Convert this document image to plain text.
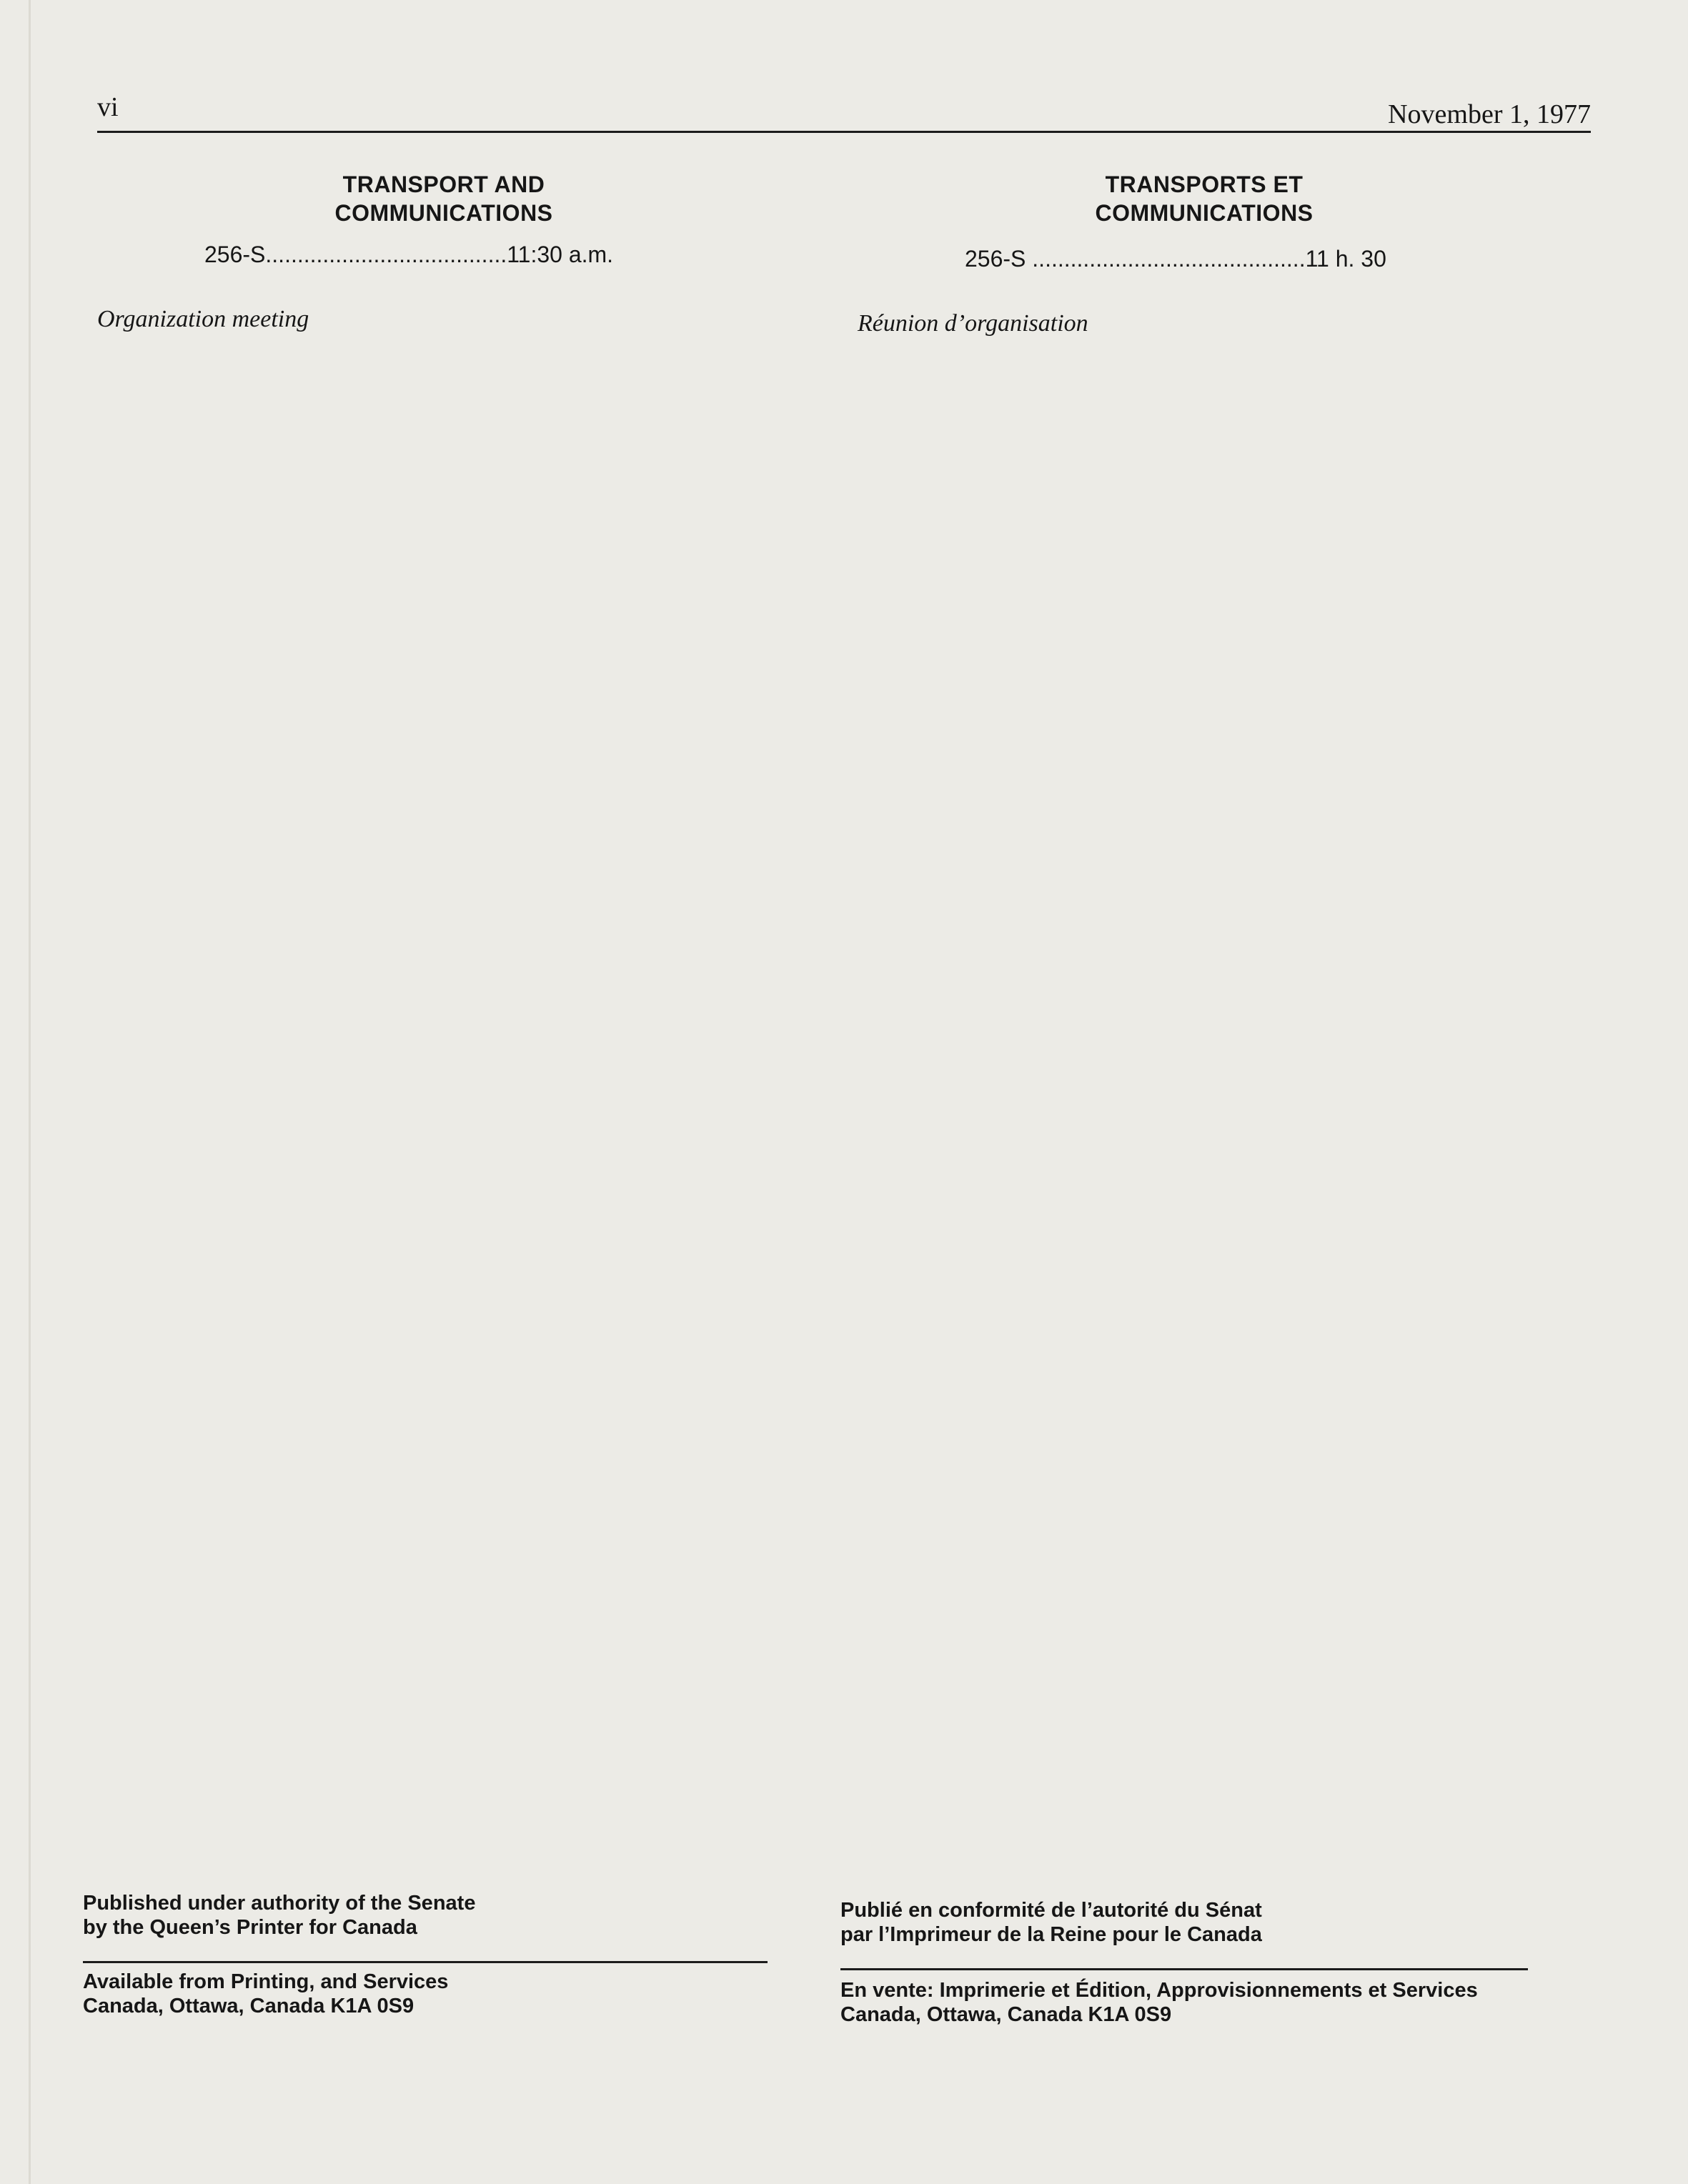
vi	November 1, 1977
TRANSPORT AND
COMMUNICATIONS
256-S......................................11:30 a.m.
Organization meeting
TRANSPORTS ET
COMMUNICATIONS
256-S ...........................................11 h. 30
Réunion d’organisation
Published under authority of the Senate
by the Queen’s Printer for Canada
Available from Printing, and Services
Canada, Ottawa, Canada K1A 0S9
Publié en conformité de l’autorité du Sénat
par l’Imprimeur de la Reine pour le Canada
En vente: Imprimerie et Édition, Approvisionnements et Services
Canada, Ottawa, Canada K1A 0S9
